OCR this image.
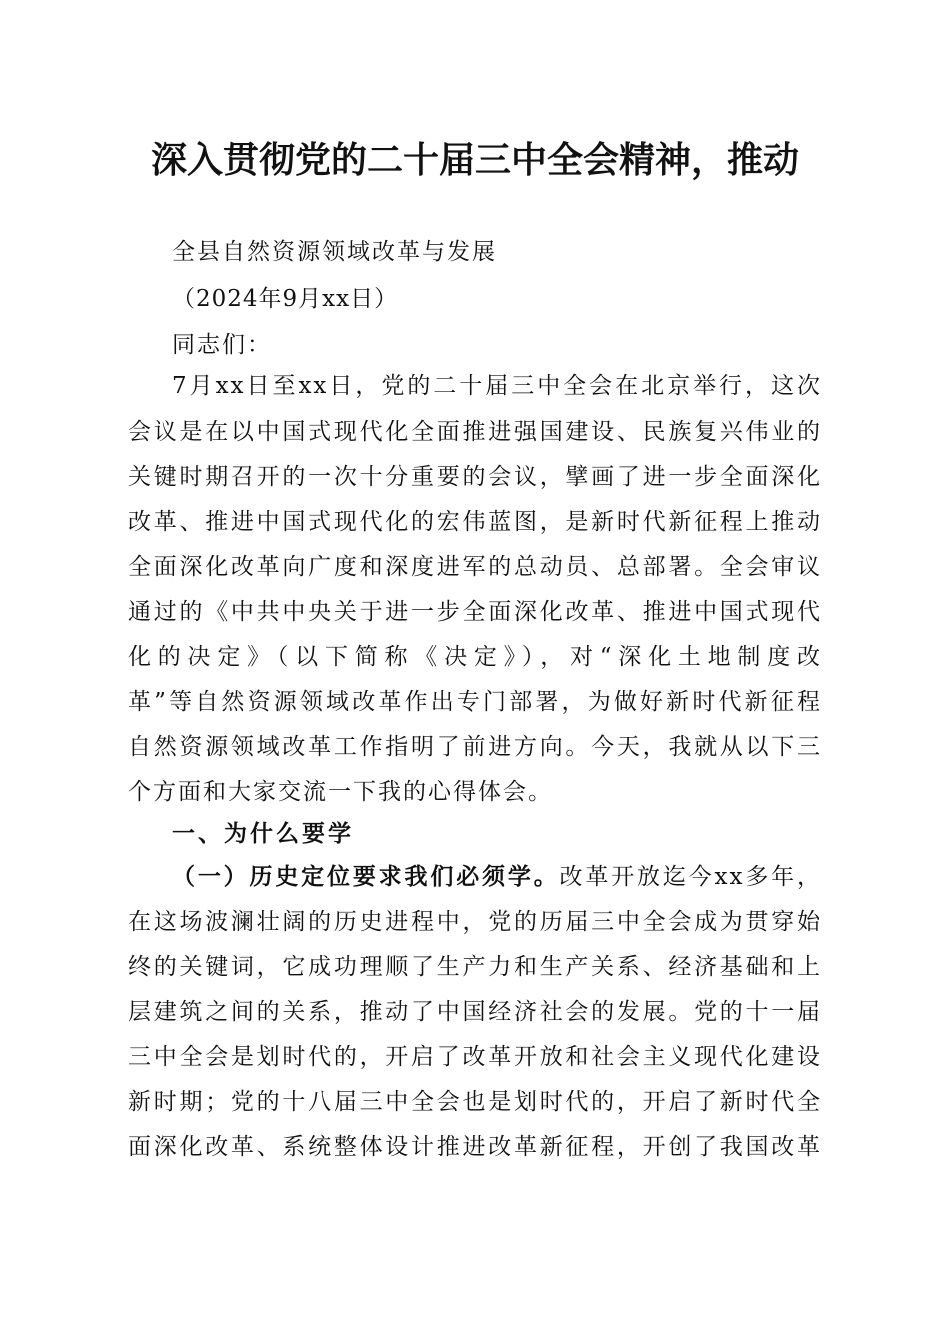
深入贯彻党的二十届三中全会精神，推动
全县自然资源领域改革与发展
（2024年9月xx日）
同志们：
7月xx日至xx日，党的二十届三中全会在北京举行，这次
会议是在以中国式现代化全面推进强国建设、民族复兴伟业的
关键时期召开的一次十分重要的会议，擘画了进一步全面深化
改革、推进中国式现代化的宏伟蓝图，是新时代新征程上推动
全面深化改革向广度和深度进军的总动员、总部署。全会审议
通过的《中共中央关于进一步全面深化改革、推进中国式现代
化的决定》（以下简称《决定》），对“深化土地制度改
革”等自然资源领域改革作出专门部署，为做好新时代新征程
自然资源领域改革工作指明了前进方向。今天，我就从以下三
个方面和大家交流一下我的心得体会。
一、为什么要学
（一）历史定位要求我们必须学。改革开放迄今xx多年，
在这场波澜壮阔的历史进程中，党的历届三中全会成为贯穿始
终的关键词，它成功理顺了生产力和生产关系、经济基础和上
层建筑之间的关系，推动了中国经济社会的发展。党的十一届
三中全会是划时代的，开启了改革开放和社会主义现代化建设
新时期；党的十八届三中全会也是划时代的，开启了新时代全
面深化改革、系统整体设计推进改革新征程，开创了我国改革
